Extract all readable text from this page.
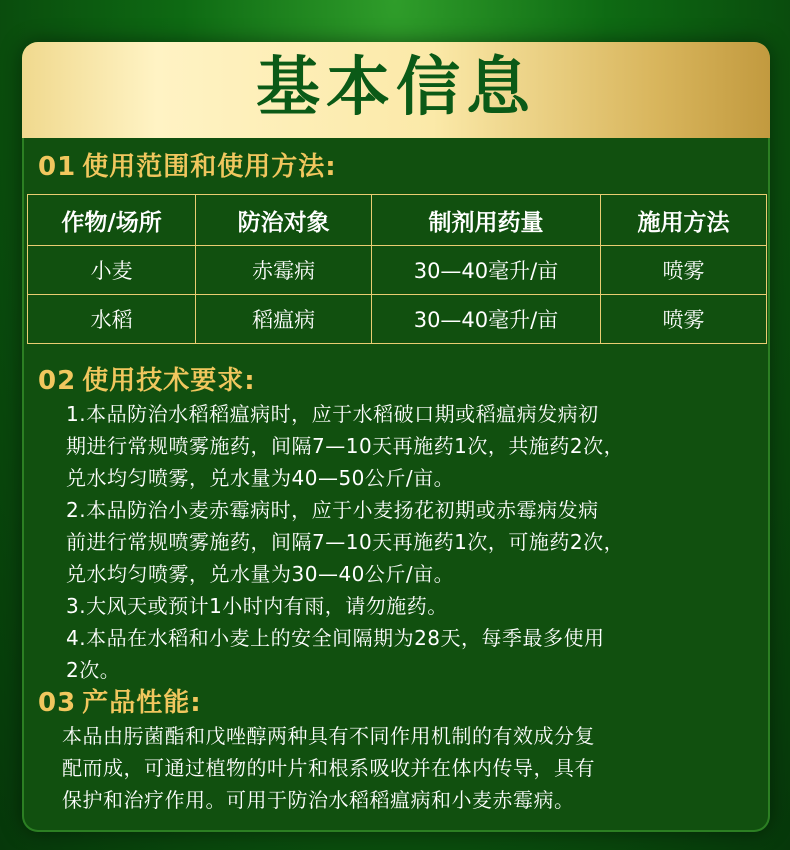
基本信息
01 使用范围和使用方法:
作物/场所	防治对象	制剂用药量	施用方法
小麦	赤霉病	30—40毫升/亩	喷雾
水稻	稻瘟病	30—40毫升/亩	喷雾
02 使用技术要求:
1.本品防治水稻稻瘟病时，应于水稻破口期或稻瘟病发病初
期进行常规喷雾施药，间隔7—10天再施药1次，共施药2次，
兑水均匀喷雾，兑水量为40—50公斤/亩。
2.本品防治小麦赤霉病时，应于小麦扬花初期或赤霉病发病
前进行常规喷雾施药，间隔7—10天再施药1次，可施药2次，
兑水均匀喷雾，兑水量为30—40公斤/亩。
3.大风天或预计1小时内有雨，请勿施药。
4.本品在水稻和小麦上的安全间隔期为28天，每季最多使用
2次。
03 产品性能:
本品由肟菌酯和戊唑醇两种具有不同作用机制的有效成分复
配而成，可通过植物的叶片和根系吸收并在体内传导，具有
保护和治疗作用。可用于防治水稻稻瘟病和小麦赤霉病。
